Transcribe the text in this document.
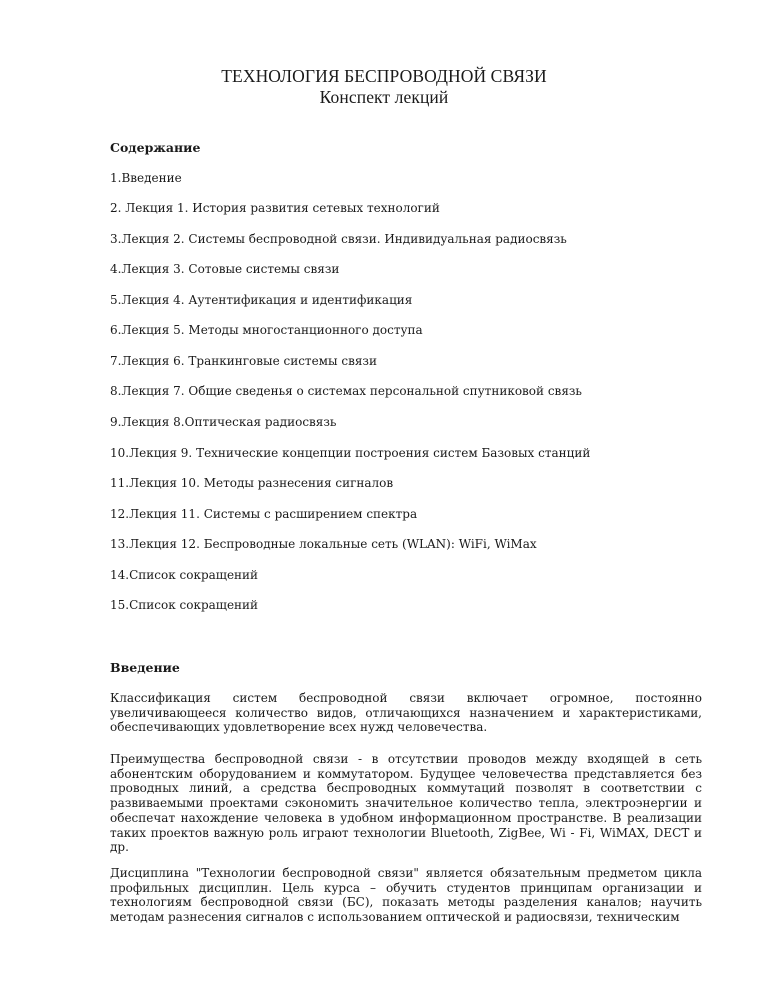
ТЕХНОЛОГИЯ БЕСПРОВОДНОЙ СВЯЗИ
Конспект лекций
Содержание
1.Введение
2. Лекция 1. История развития сетевых технологий
3.Лекция 2. Системы беспроводной связи. Индивидуальная радиосвязь
4.Лекция 3. Сотовые системы связи
5.Лекция 4. Аутентификация и идентификация
6.Лекция 5. Методы многостанционного доступа
7.Лекция 6. Транкинговые системы связи
8.Лекция 7. Общие сведенья о системах персональной спутниковой связь
9.Лекция 8.Оптическая радиосвязь
10.Лекция 9. Технические концепции построения систем Базовых станций
11.Лекция 10. Методы разнесения сигналов
12.Лекция 11. Системы с расширением спектра
13.Лекция 12. Беспроводные локальные сеть (WLAN): WiFi, WiMax
14.Список сокращений
15.Список сокращений
Введение
Классификация систем беспроводной связи включает огромное, постоянно увеличивающееся количество видов, отличающихся назначением и характеристиками, обеспечивающих удовлетворение всех нужд человечества.
Преимущества беспроводной связи - в отсутствии проводов между входящей в сеть абонентским оборудованием и коммутатором. Будущее человечества представляется без проводных линий, а средства беспроводных коммутаций позволят в соответствии с развиваемыми проектами сэкономить значительное количество тепла, электроэнергии и обеспечат нахождение человека в удобном информационном пространстве. В реализации таких проектов важную роль играют технологии Bluetooth, ZigBee, Wi - Fi, WiMAX, DECT и др.
Дисциплина "Технологии беспроводной связи" является обязательным предметом цикла профильных дисциплин. Цель курса – обучить студентов принципам организации и технологиям беспроводной связи (БС), показать методы разделения каналов; научить методам разнесения сигналов с использованием оптической и радиосвязи, техническим
